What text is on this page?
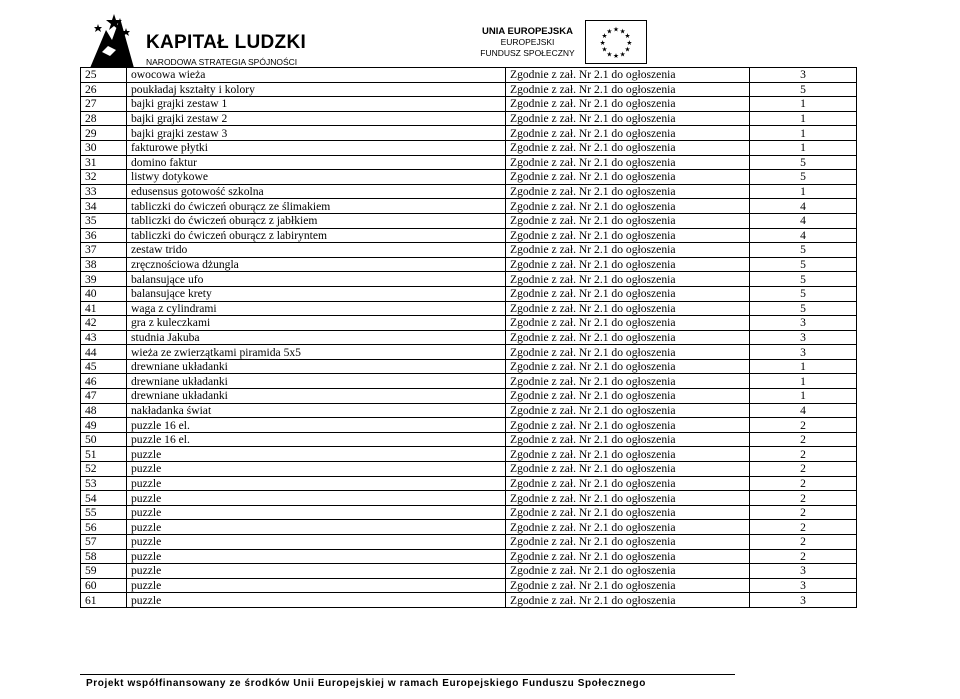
KAPITAŁ LUDZKI
NARODOWA STRATEGIA SPÓJNOŚCI
UNIA EUROPEJSKA
EUROPEJSKI
FUNDUSZ SPOŁECZNY
★ ★
★
★
★
★
★
★
★
★
★
★
25	owocowa wieża	Zgodnie z zał. Nr 2.1 do ogłoszenia	3
26	poukładaj kształty i kolory	Zgodnie z zał. Nr 2.1 do ogłoszenia	5
27	bajki grajki zestaw 1	Zgodnie z zał. Nr 2.1 do ogłoszenia	1
28	bajki grajki zestaw 2	Zgodnie z zał. Nr 2.1 do ogłoszenia	1
29	bajki grajki zestaw 3	Zgodnie z zał. Nr 2.1 do ogłoszenia	1
30	fakturowe płytki	Zgodnie z zał. Nr 2.1 do ogłoszenia	1
31	domino faktur	Zgodnie z zał. Nr 2.1 do ogłoszenia	5
32	listwy dotykowe	Zgodnie z zał. Nr 2.1 do ogłoszenia	5
33	edusensus gotowość szkolna	Zgodnie z zał. Nr 2.1 do ogłoszenia	1
34	tabliczki do ćwiczeń oburącz ze ślimakiem	Zgodnie z zał. Nr 2.1 do ogłoszenia	4
35	tabliczki do ćwiczeń oburącz z jabłkiem	Zgodnie z zał. Nr 2.1 do ogłoszenia	4
36	tabliczki do ćwiczeń oburącz z labiryntem	Zgodnie z zał. Nr 2.1 do ogłoszenia	4
37	zestaw trido	Zgodnie z zał. Nr 2.1 do ogłoszenia	5
38	zręcznościowa dżungla	Zgodnie z zał. Nr 2.1 do ogłoszenia	5
39	balansujące ufo	Zgodnie z zał. Nr 2.1 do ogłoszenia	5
40	balansujące krety	Zgodnie z zał. Nr 2.1 do ogłoszenia	5
41	waga z cylindrami	Zgodnie z zał. Nr 2.1 do ogłoszenia	5
42	gra z kuleczkami	Zgodnie z zał. Nr 2.1 do ogłoszenia	3
43	studnia Jakuba	Zgodnie z zał. Nr 2.1 do ogłoszenia	3
44	wieża ze zwierzątkami piramida 5x5	Zgodnie z zał. Nr 2.1 do ogłoszenia	3
45	drewniane układanki	Zgodnie z zał. Nr 2.1 do ogłoszenia	1
46	drewniane układanki	Zgodnie z zał. Nr 2.1 do ogłoszenia	1
47	drewniane układanki	Zgodnie z zał. Nr 2.1 do ogłoszenia	1
48	nakładanka świat	Zgodnie z zał. Nr 2.1 do ogłoszenia	4
49	puzzle 16 el.	Zgodnie z zał. Nr 2.1 do ogłoszenia	2
50	puzzle 16 el.	Zgodnie z zał. Nr 2.1 do ogłoszenia	2
51	puzzle	Zgodnie z zał. Nr 2.1 do ogłoszenia	2
52	puzzle	Zgodnie z zał. Nr 2.1 do ogłoszenia	2
53	puzzle	Zgodnie z zał. Nr 2.1 do ogłoszenia	2
54	puzzle	Zgodnie z zał. Nr 2.1 do ogłoszenia	2
55	puzzle	Zgodnie z zał. Nr 2.1 do ogłoszenia	2
56	puzzle	Zgodnie z zał. Nr 2.1 do ogłoszenia	2
57	puzzle	Zgodnie z zał. Nr 2.1 do ogłoszenia	2
58	puzzle	Zgodnie z zał. Nr 2.1 do ogłoszenia	2
59	puzzle	Zgodnie z zał. Nr 2.1 do ogłoszenia	3
60	puzzle	Zgodnie z zał. Nr 2.1 do ogłoszenia	3
61	puzzle	Zgodnie z zał. Nr 2.1 do ogłoszenia	3
Projekt współfinansowany ze środków Unii Europejskiej w ramach Europejskiego Funduszu Społecznego
